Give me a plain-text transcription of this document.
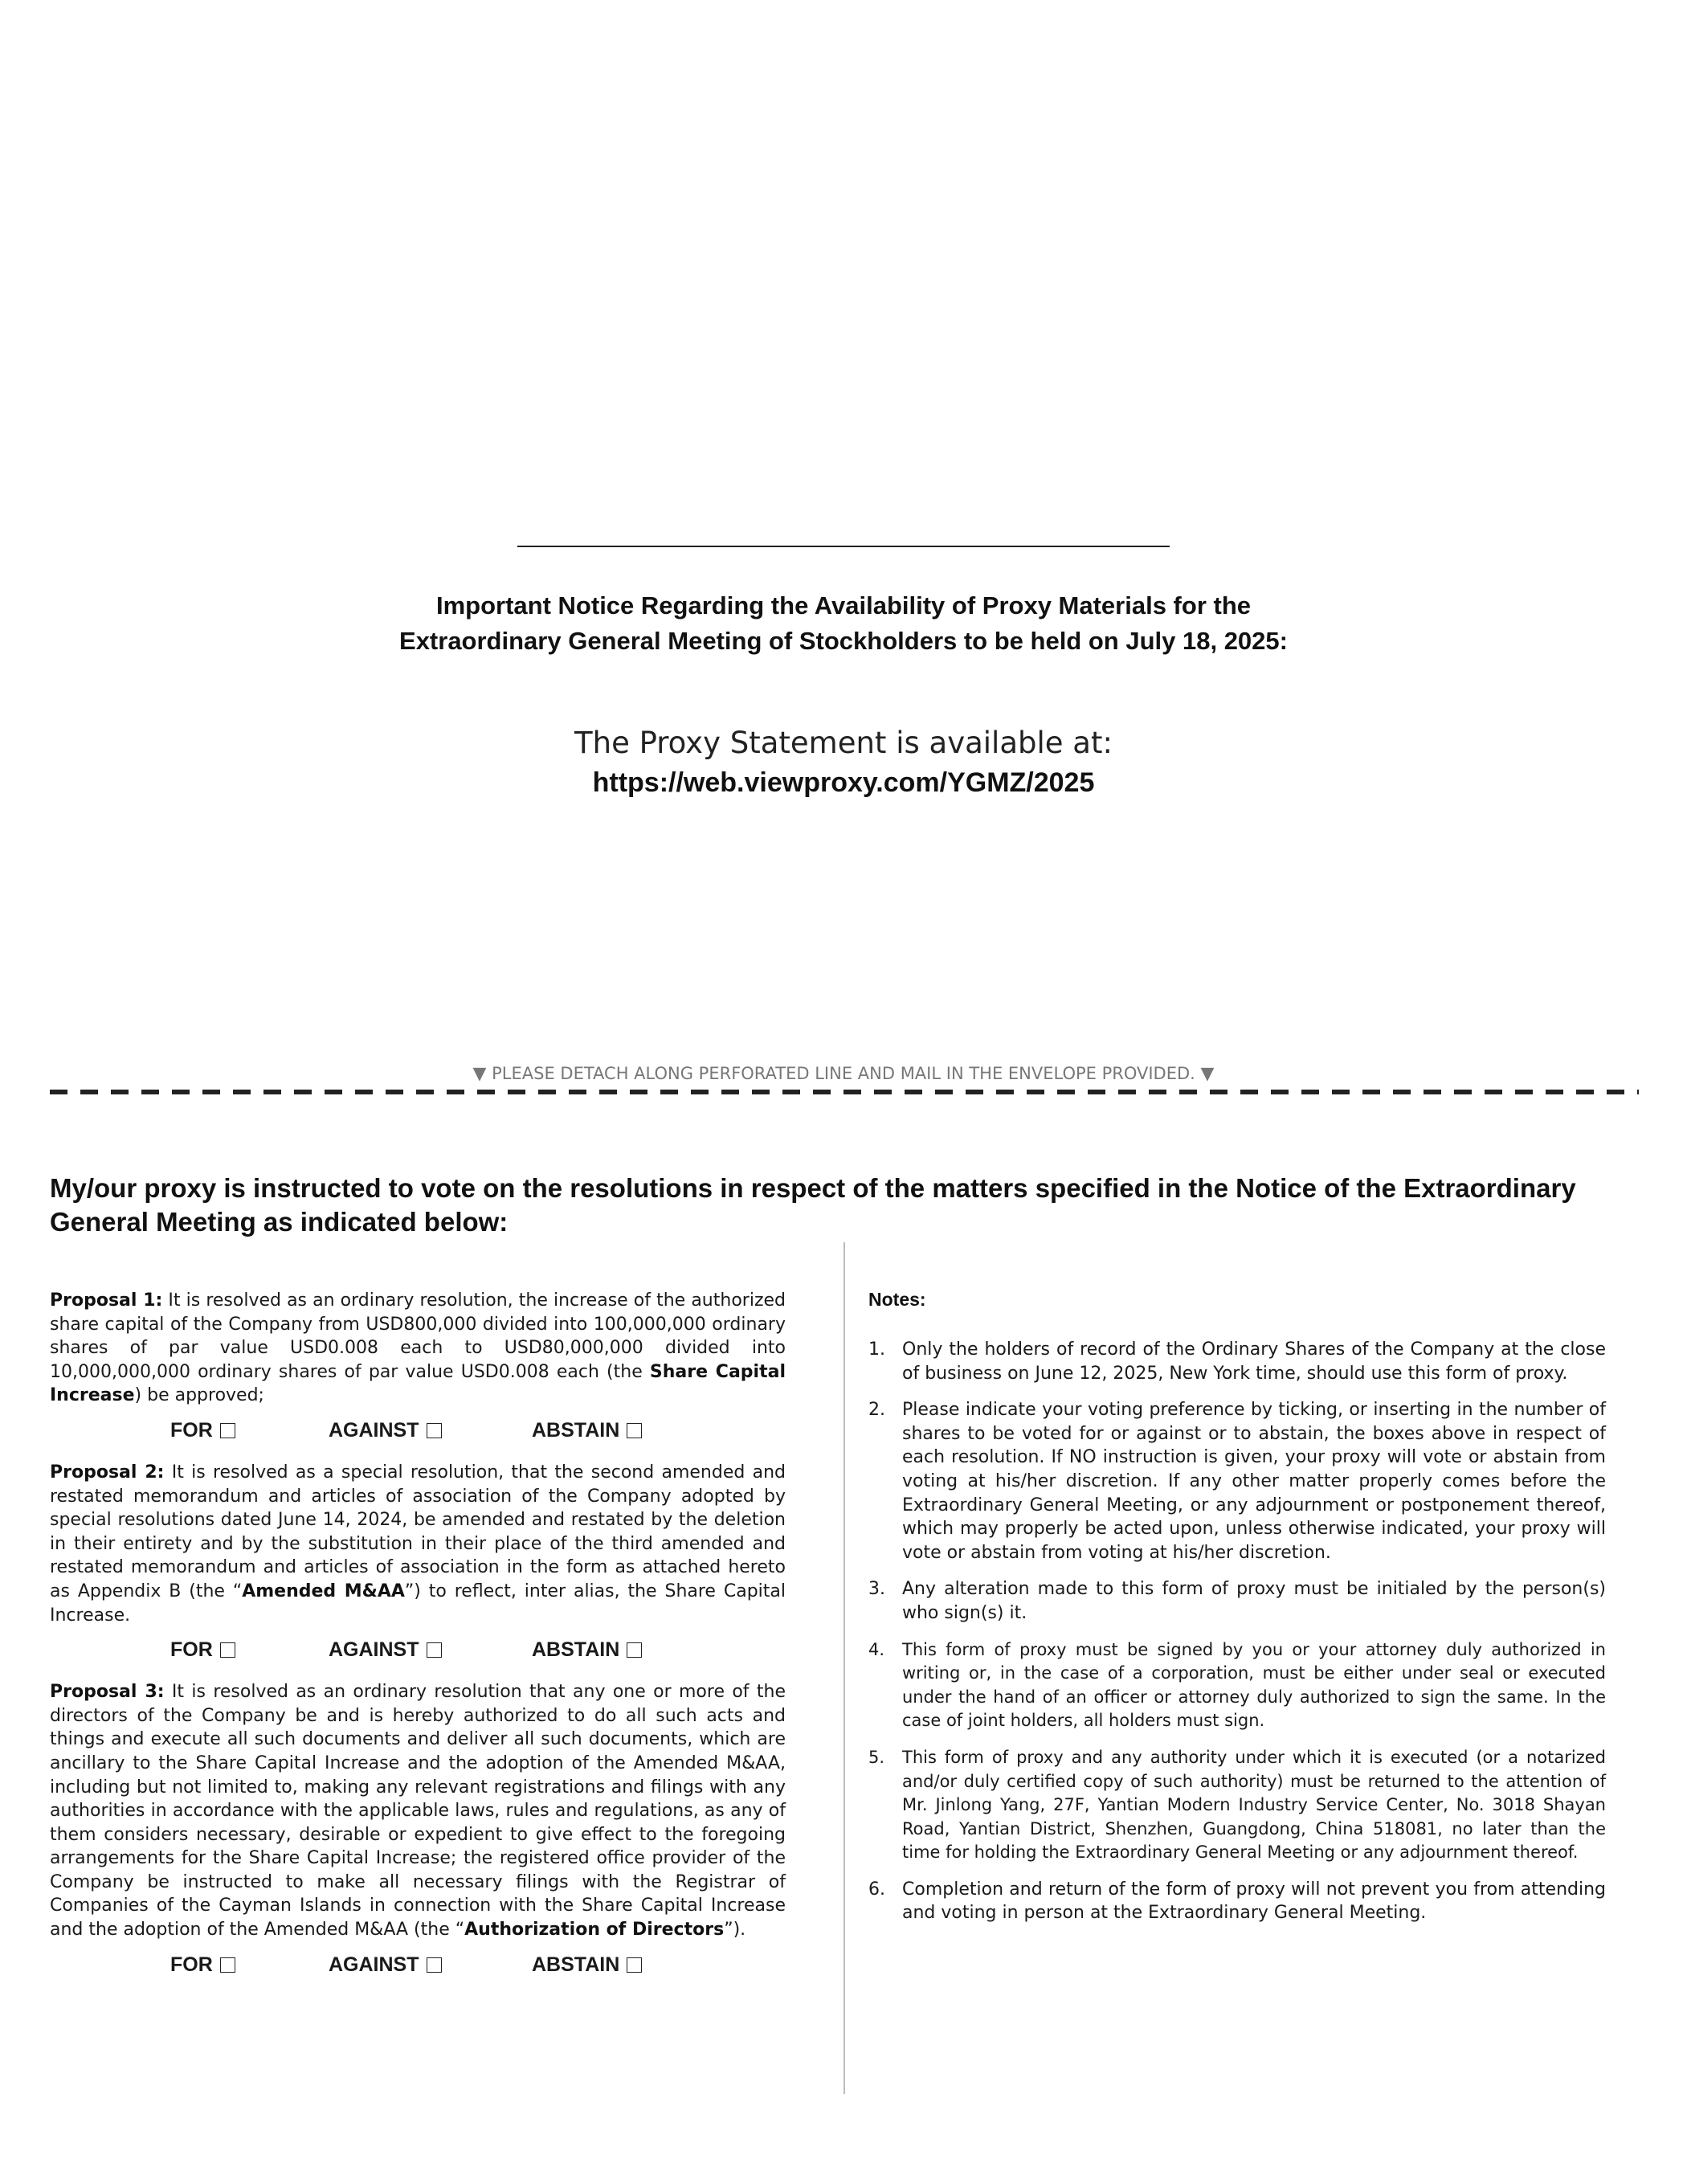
Important Notice Regarding the Availability of Proxy Materials for the
Extraordinary General Meeting of Stockholders to be held on July 18, 2025:
The Proxy Statement is available at:
https://web.viewproxy.com/YGMZ/2025
▼ PLEASE DETACH ALONG PERFORATED LINE AND MAIL IN THE ENVELOPE PROVIDED. ▼
My/our proxy is instructed to vote on the resolutions in respect of the matters specified in the Notice of the Extraordinary General Meeting as indicated below:

Proposal 1: It is resolved as an ordinary resolution, the increase of the authorized share capital of the Company from USD800,000 divided into 100,000,000 ordinary shares of par value USD0.008 each to USD80,000,000 divided into 10,000,000,000 ordinary shares of par value USD0.008 each (the Share Capital Increase) be approved;

FOR	AGAINST	ABSTAIN

Proposal 2: It is resolved as a special resolution, that the second amended and restated memorandum and articles of association of the Company adopted by special resolutions dated June 14, 2024, be amended and restated by the deletion in their entirety and by the substitution in their place of the third amended and restated memorandum and articles of association in the form as attached hereto as Appendix B (the “Amended M&AA”) to reflect, inter alias, the Share Capital Increase.

FOR	AGAINST	ABSTAIN

Proposal 3: It is resolved as an ordinary resolution that any one or more of the directors of the Company be and is hereby authorized to do all such acts and things and execute all such documents and deliver all such documents, which are ancillary to the Share Capital Increase and the adoption of the Amended M&AA, including but not limited to, making any relevant registrations and filings with any authorities in accordance with the applicable laws, rules and regulations, as any of them considers necessary, desirable or expedient to give effect to the foregoing arrangements for the Share Capital Increase; the registered office provider of the Company be instructed to make all necessary filings with the Registrar of Companies of the Cayman Islands in connection with the Share Capital Increase and the adoption of the Amended M&AA (the “Authorization of Directors”).

FOR	AGAINST	ABSTAIN
Notes:
1. Only the holders of record of the Ordinary Shares of the Company at the close of business on June 12, 2025, New York time, should use this form of proxy.
2. Please indicate your voting preference by ticking, or inserting in the number of shares to be voted for or against or to abstain, the boxes above in respect of each resolution. If NO instruction is given, your proxy will vote or abstain from voting at his/her discretion. If any other matter properly comes before the Extraordinary General Meeting, or any adjournment or postponement thereof, which may properly be acted upon, unless otherwise indicated, your proxy will vote or abstain from voting at his/her discretion.
3. Any alteration made to this form of proxy must be initialed by the person(s) who sign(s) it.
4. This form of proxy must be signed by you or your attorney duly authorized in writing or, in the case of a corporation, must be either under seal or executed under the hand of an officer or attorney duly authorized to sign the same. In the case of joint holders, all holders must sign.
5. This form of proxy and any authority under which it is executed (or a notarized and/or duly certified copy of such authority) must be returned to the attention of Mr. Jinlong Yang, 27F, Yantian Modern Industry Service Center, No. 3018 Shayan Road, Yantian District, Shenzhen, Guangdong, China 518081, no later than the time for holding the Extraordinary General Meeting or any adjournment thereof.
6. Completion and return of the form of proxy will not prevent you from attending and voting in person at the Extraordinary General Meeting.
